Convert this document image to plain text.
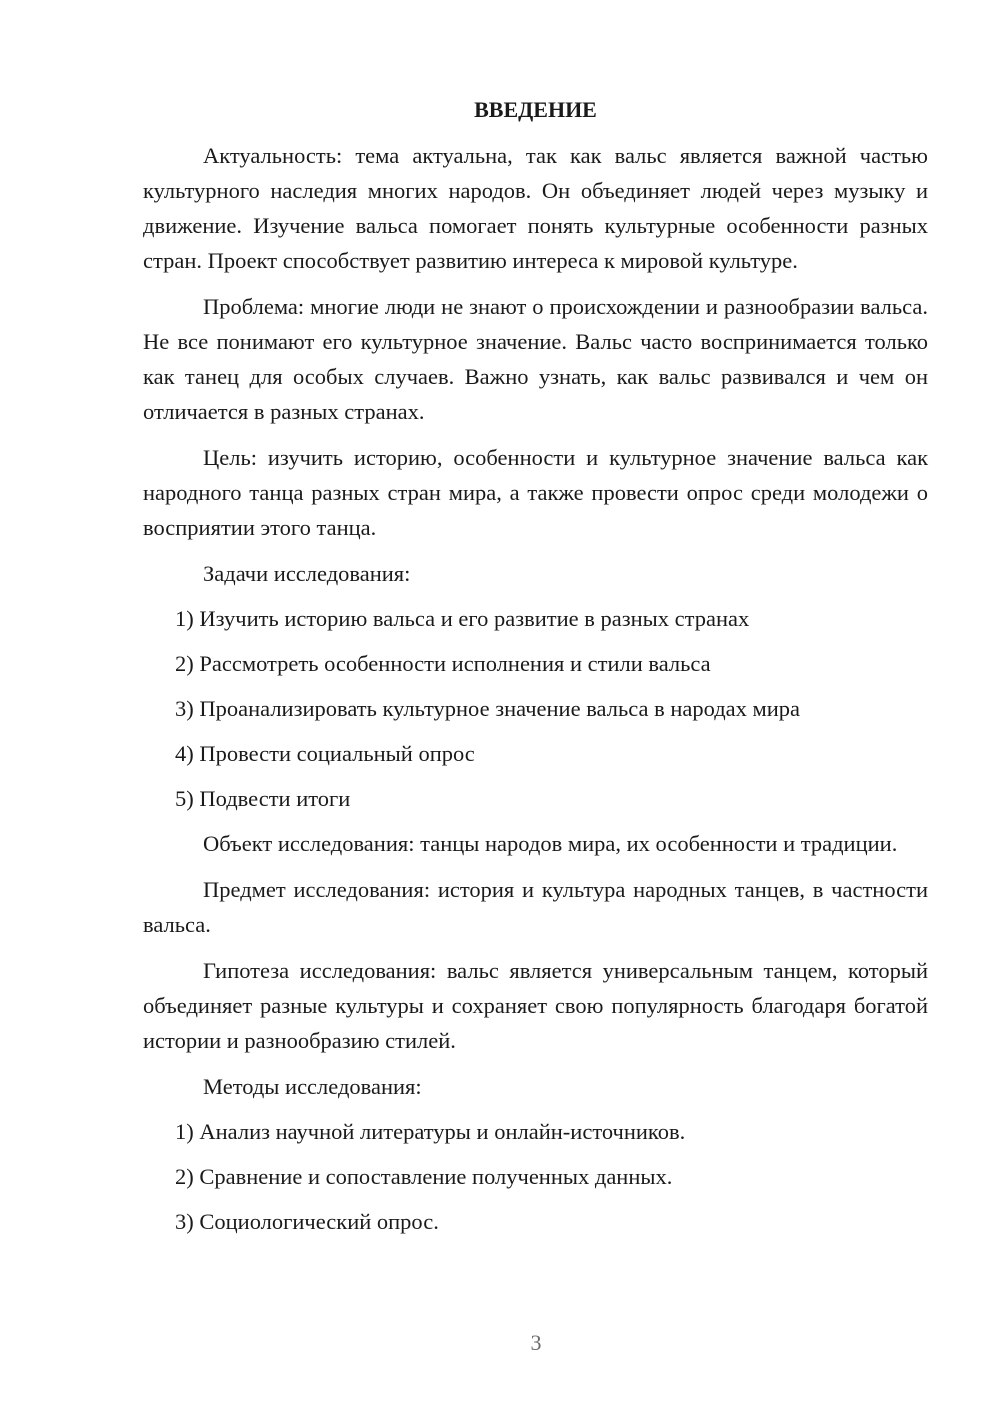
ВВЕДЕНИЕ

Актуальность: тема актуальна, так как вальс является важной частью культурного наследия многих народов. Он объединяет людей через музыку и движение. Изучение вальса помогает понять культурные особенности разных стран. Проект способствует развитию интереса к мировой культуре.

Проблема: многие люди не знают о происхождении и разнообразии вальса. Не все понимают его культурное значение. Вальс часто воспринимается только как танец для особых случаев. Важно узнать, как вальс развивался и чем он отличается в разных странах.

Цель: изучить историю, особенности и культурное значение вальса как народного танца разных стран мира, а также провести опрос среди молодежи о восприятии этого танца.

Задачи исследования:

1) Изучить историю вальса и его развитие в разных странах

2) Рассмотреть особенности исполнения и стили вальса

3) Проанализировать культурное значение вальса в народах мира

4) Провести социальный опрос

5) Подвести итоги

Объект исследования: танцы народов мира, их особенности и традиции.

Предмет исследования: история и культура народных танцев, в частности вальса.

Гипотеза исследования: вальс является универсальным танцем, который объединяет разные культуры и сохраняет свою популярность благодаря богатой истории и разнообразию стилей.

Методы исследования:

1) Анализ научной литературы и онлайн-источников.

2) Сравнение и сопоставление полученных данных.

3) Социологический опрос.

3
